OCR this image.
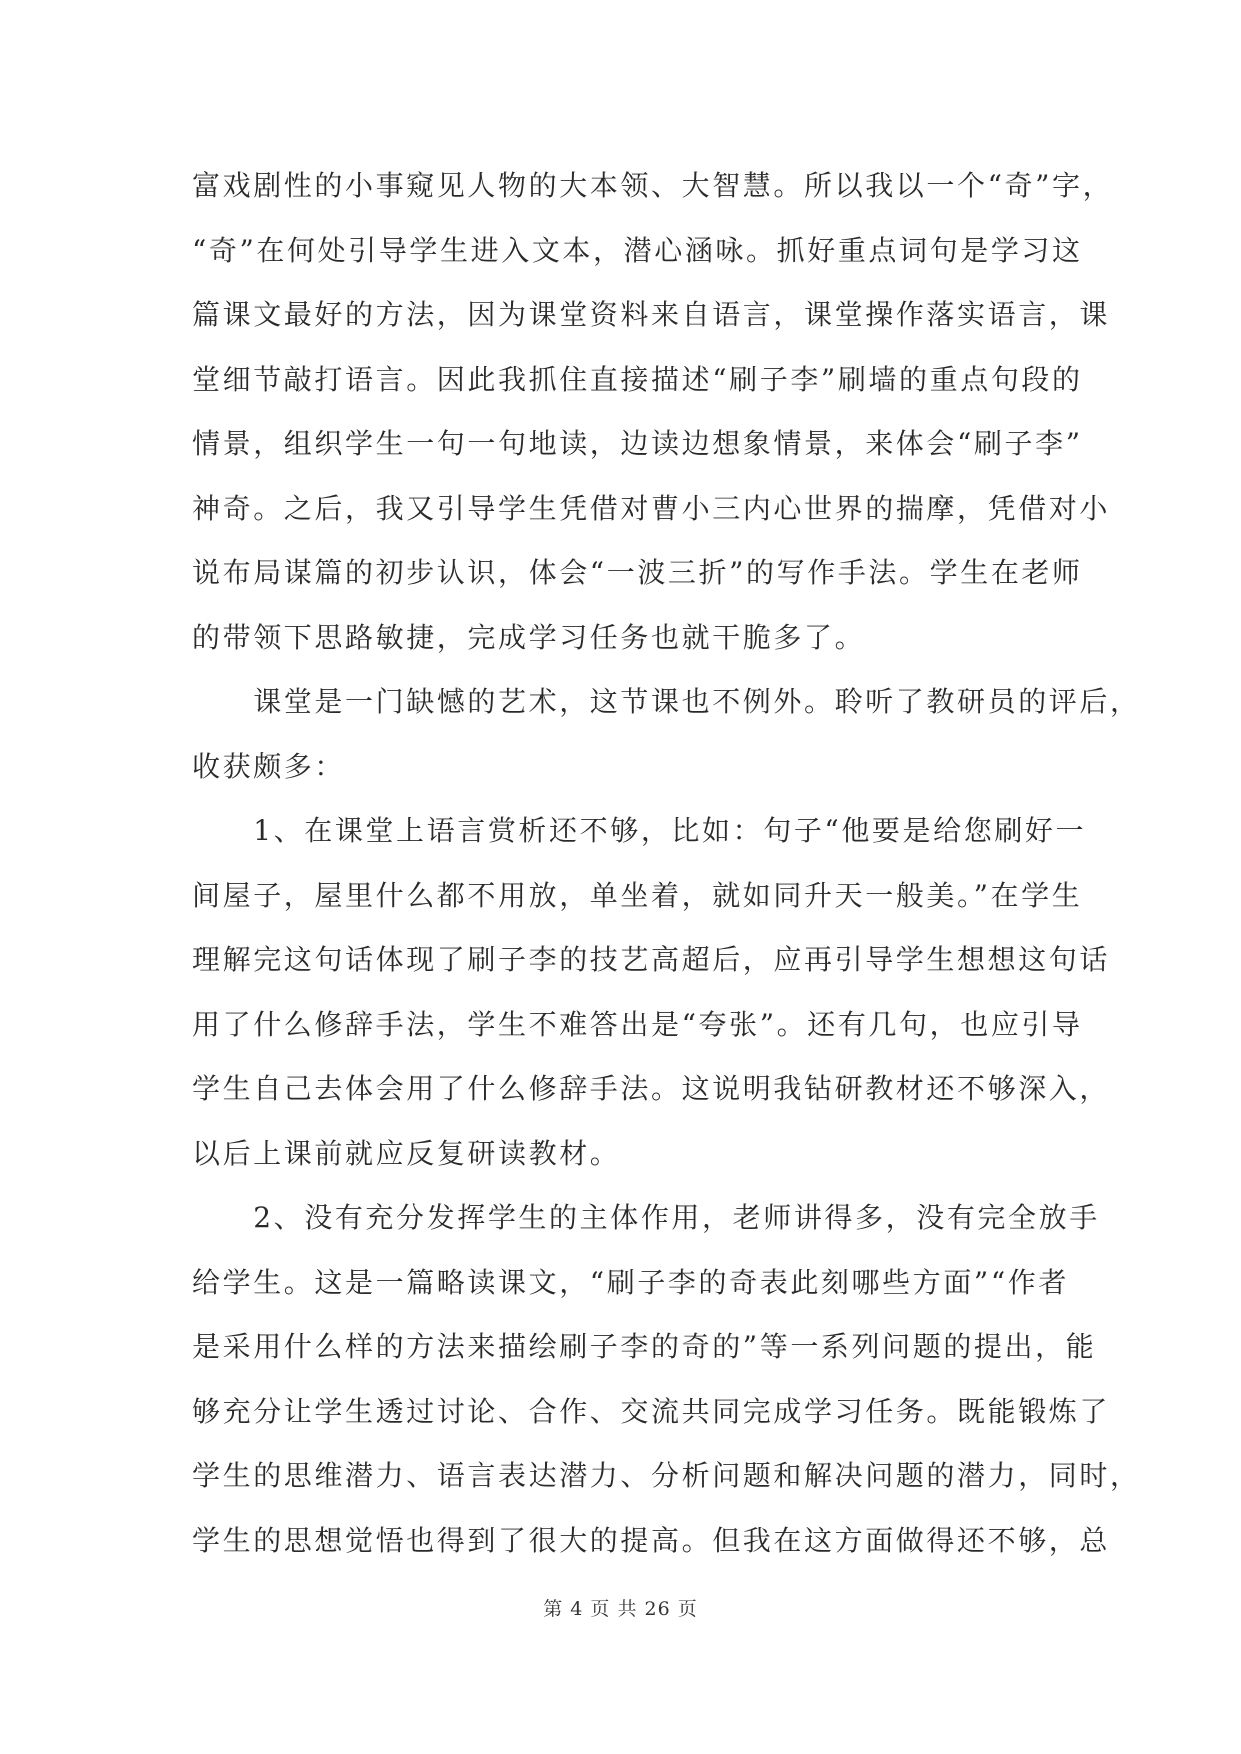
富戏剧性的小事窥见人物的大本领、大智慧。所以我以一个“奇”字，
“奇”在何处引导学生进入文本，潜心涵咏。抓好重点词句是学习这
篇课文最好的方法，因为课堂资料来自语言，课堂操作落实语言，课
堂细节敲打语言。因此我抓住直接描述“刷子李”刷墙的重点句段的
情景，组织学生一句一句地读，边读边想象情景，来体会“刷子李”
神奇。之后，我又引导学生凭借对曹小三内心世界的揣摩，凭借对小
说布局谋篇的初步认识，体会“一波三折”的写作手法。学生在老师
的带领下思路敏捷，完成学习任务也就干脆多了。
　　课堂是一门缺憾的艺术，这节课也不例外。聆听了教研员的评后，
收获颇多：
　　1、在课堂上语言赏析还不够，比如：句子“他要是给您刷好一
间屋子，屋里什么都不用放，单坐着，就如同升天一般美。”在学生
理解完这句话体现了刷子李的技艺高超后，应再引导学生想想这句话
用了什么修辞手法，学生不难答出是“夸张”。还有几句，也应引导
学生自己去体会用了什么修辞手法。这说明我钻研教材还不够深入，
以后上课前就应反复研读教材。
　　2、没有充分发挥学生的主体作用，老师讲得多，没有完全放手
给学生。这是一篇略读课文，“刷子李的奇表此刻哪些方面”“作者
是采用什么样的方法来描绘刷子李的奇的”等一系列问题的提出，能
够充分让学生透过讨论、合作、交流共同完成学习任务。既能锻炼了
学生的思维潜力、语言表达潜力、分析问题和解决问题的潜力，同时，
学生的思想觉悟也得到了很大的提高。但我在这方面做得还不够，总
第 4 页 共 26 页
